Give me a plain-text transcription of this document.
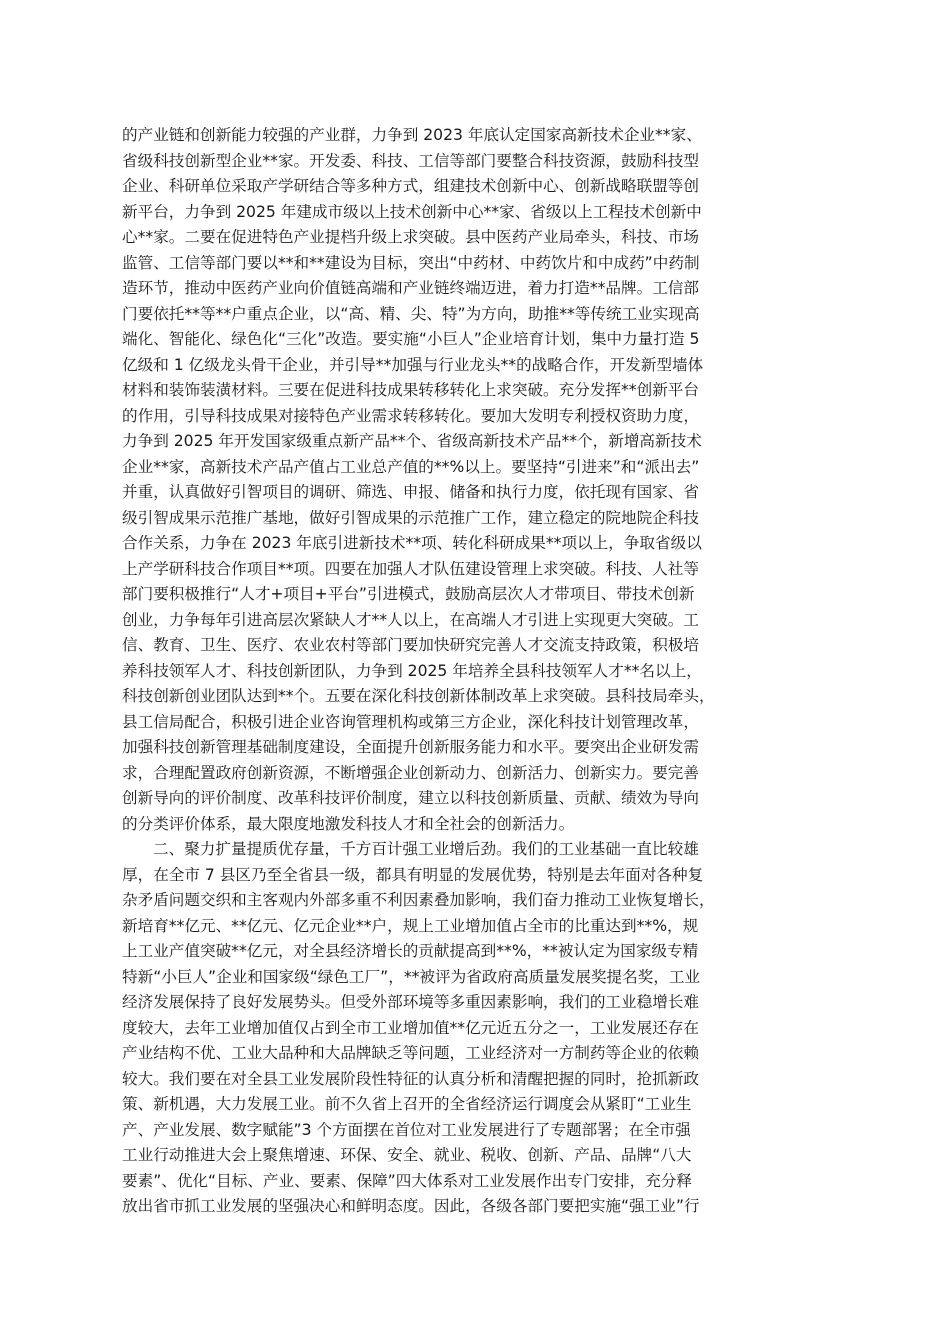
的产业链和创新能力较强的产业群，力争到 2023 年底认定国家高新技术企业**家、
省级科技创新型企业**家。开发委、科技、工信等部门要整合科技资源，鼓励科技型
企业、科研单位采取产学研结合等多种方式，组建技术创新中心、创新战略联盟等创
新平台，力争到 2025 年建成市级以上技术创新中心**家、省级以上工程技术创新中
心**家。二要在促进特色产业提档升级上求突破。县中医药产业局牵头，科技、市场
监管、工信等部门要以**和**建设为目标，突出“中药材、中药饮片和中成药”中药制
造环节，推动中医药产业向价值链高端和产业链终端迈进，着力打造**品牌。工信部
门要依托**等**户重点企业，以“高、精、尖、特”为方向，助推**等传统工业实现高
端化、智能化、绿色化“三化”改造。要实施“小巨人”企业培育计划，集中力量打造 5
亿级和 1 亿级龙头骨干企业，并引导**加强与行业龙头**的战略合作，开发新型墙体
材料和装饰装潢材料。三要在促进科技成果转移转化上求突破。充分发挥**创新平台
的作用，引导科技成果对接特色产业需求转移转化。要加大发明专利授权资助力度，
力争到 2025 年开发国家级重点新产品**个、省级高新技术产品**个，新增高新技术
企业**家，高新技术产品产值占工业总产值的**%以上。要坚持“引进来”和“派出去”
并重，认真做好引智项目的调研、筛选、申报、储备和执行力度，依托现有国家、省
级引智成果示范推广基地，做好引智成果的示范推广工作，建立稳定的院地院企科技
合作关系，力争在 2023 年底引进新技术**项、转化科研成果**项以上，争取省级以
上产学研科技合作项目**项。四要在加强人才队伍建设管理上求突破。科技、人社等
部门要积极推行“人才+项目+平台”引进模式，鼓励高层次人才带项目、带技术创新
创业，力争每年引进高层次紧缺人才**人以上，在高端人才引进上实现更大突破。工
信、教育、卫生、医疗、农业农村等部门要加快研究完善人才交流支持政策，积极培
养科技领军人才、科技创新团队，力争到 2025 年培养全县科技领军人才**名以上，
科技创新创业团队达到**个。五要在深化科技创新体制改革上求突破。县科技局牵头，
县工信局配合，积极引进企业咨询管理机构或第三方企业，深化科技计划管理改革，
加强科技创新管理基础制度建设，全面提升创新服务能力和水平。要突出企业研发需
求，合理配置政府创新资源，不断增强企业创新动力、创新活力、创新实力。要完善
创新导向的评价制度、改革科技评价制度，建立以科技创新质量、贡献、绩效为导向
的分类评价体系，最大限度地激发科技人才和全社会的创新活力。
二、聚力扩量提质优存量，千方百计强工业增后劲。我们的工业基础一直比较雄
厚，在全市 7 县区乃至全省县一级，都具有明显的发展优势，特别是去年面对各种复
杂矛盾问题交织和主客观内外部多重不利因素叠加影响，我们奋力推动工业恢复增长，
新培育**亿元、**亿元、亿元企业**户，规上工业增加值占全市的比重达到**%，规
上工业产值突破**亿元，对全县经济增长的贡献提高到**%，**被认定为国家级专精
特新“小巨人”企业和国家级“绿色工厂”，**被评为省政府高质量发展奖提名奖，工业
经济发展保持了良好发展势头。但受外部环境等多重因素影响，我们的工业稳增长难
度较大，去年工业增加值仅占到全市工业增加值**亿元近五分之一，工业发展还存在
产业结构不优、工业大品种和大品牌缺乏等问题，工业经济对一方制药等企业的依赖
较大。我们要在对全县工业发展阶段性特征的认真分析和清醒把握的同时，抢抓新政
策、新机遇，大力发展工业。前不久省上召开的全省经济运行调度会从紧盯“工业生
产、产业发展、数字赋能”3 个方面摆在首位对工业发展进行了专题部署；在全市强
工业行动推进大会上聚焦增速、环保、安全、就业、税收、创新、产品、品牌“八大
要素”、优化“目标、产业、要素、保障”四大体系对工业发展作出专门安排，充分释
放出省市抓工业发展的坚强决心和鲜明态度。因此，各级各部门要把实施“强工业”行
